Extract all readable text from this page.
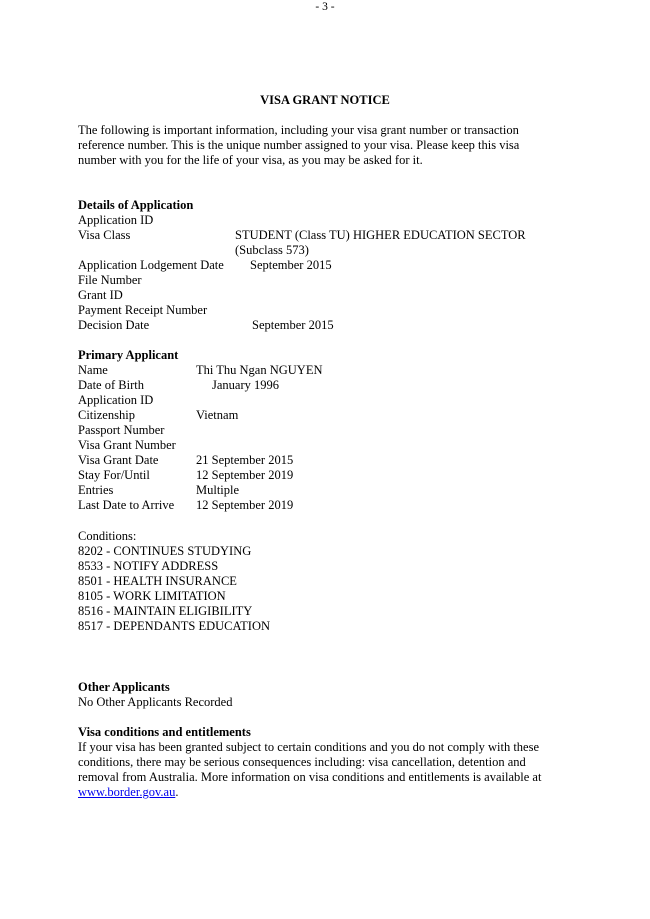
- 3 -
VISA GRANT NOTICE
The following is important information, including your visa grant number or transaction reference number. This is the unique number assigned to your visa. Please keep this visa number with you for the life of your visa, as you may be asked for it.
Details of Application
Application ID
Visa Class	STUDENT (Class TU) HIGHER EDUCATION SECTOR
(Subclass 573)
Application Lodgement Date September 2015
File Number
Grant ID
Payment Receipt Number
Decision Date	September 2015
Primary Applicant
Name	Thi Thu Ngan NGUYEN
Date of Birth	January 1996
Application ID
Citizenship	Vietnam
Passport Number
Visa Grant Number
Visa Grant Date	21 September 2015
Stay For/Until	12 September 2019
Entries	Multiple
Last Date to Arrive 12 September 2019
Conditions:
8202 - CONTINUES STUDYING
8533 - NOTIFY ADDRESS
8501 - HEALTH INSURANCE
8105 - WORK LIMITATION
8516 - MAINTAIN ELIGIBILITY
8517 - DEPENDANTS EDUCATION
Other Applicants
No Other Applicants Recorded
Visa conditions and entitlements
If your visa has been granted subject to certain conditions and you do not comply with these conditions, there may be serious consequences including: visa cancellation, detention and removal from Australia. More information on visa conditions and entitlements is available at www.border.gov.au.
